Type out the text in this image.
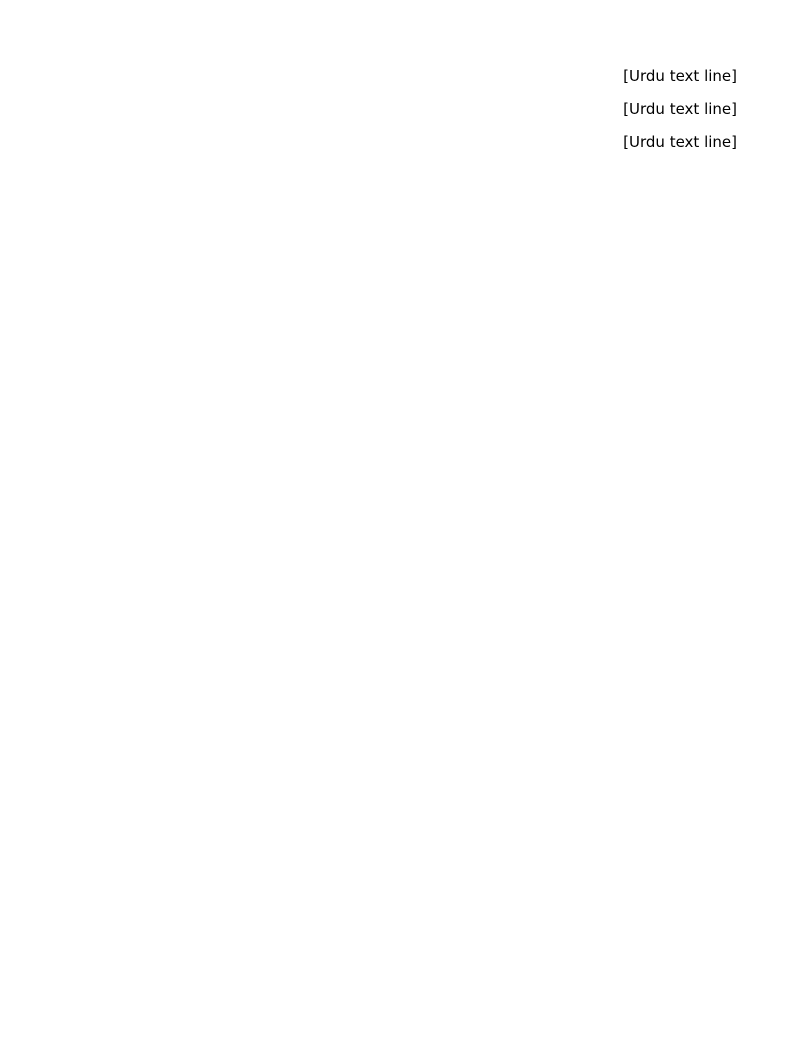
[Urdu text line]
[Urdu text line]
[Urdu text line]
